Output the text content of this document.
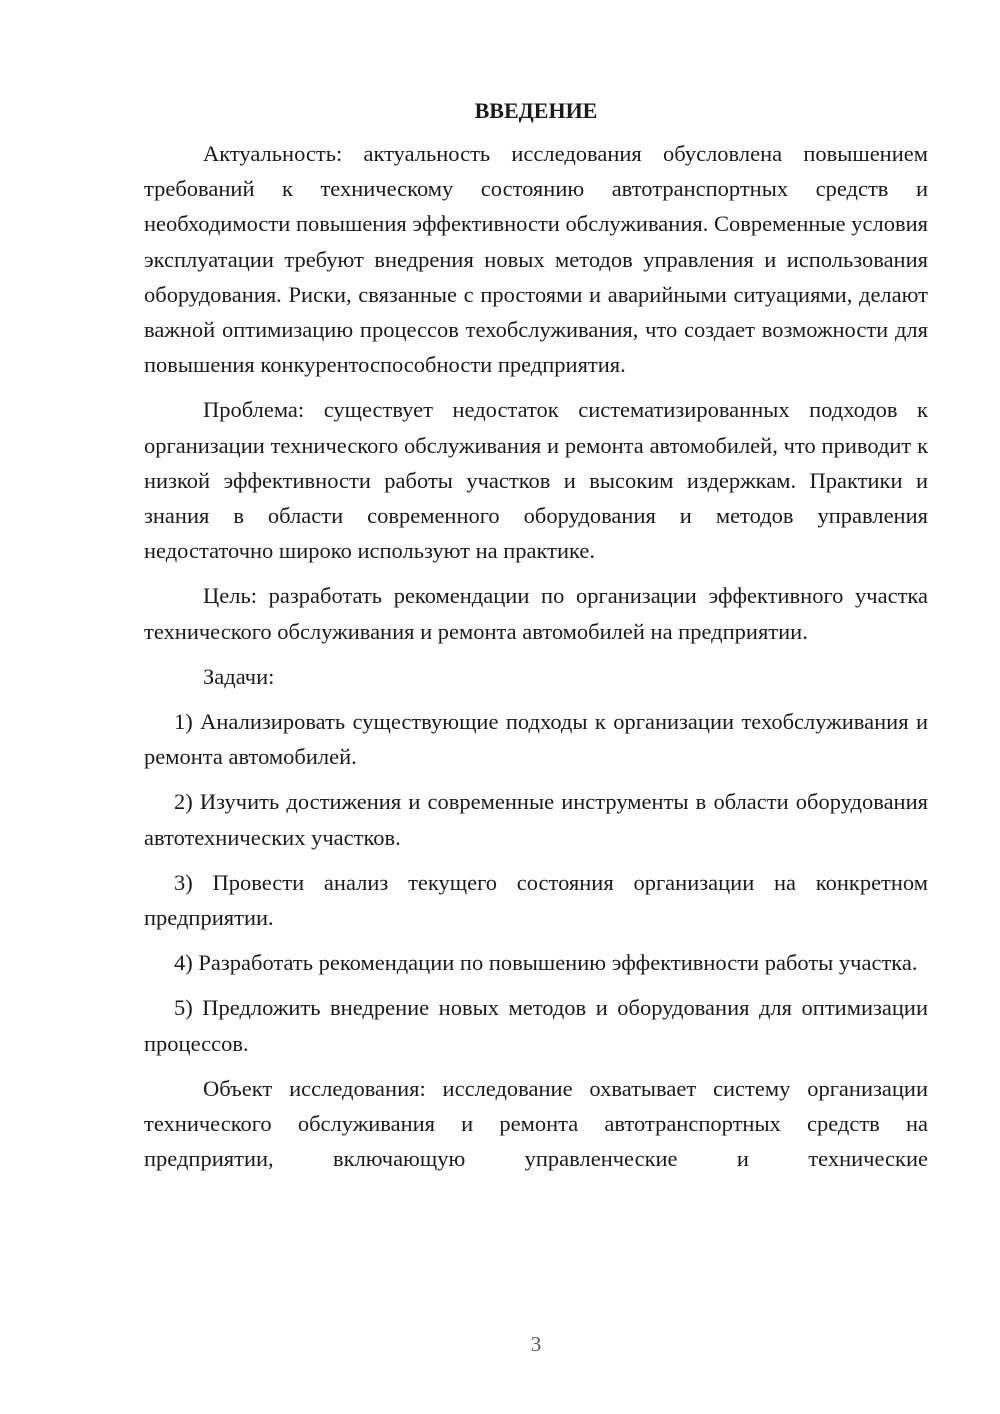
ВВЕДЕНИЕ

Актуальность: актуальность исследования обусловлена повышением требований к техническому состоянию автотранспортных средств и необходимости повышения эффективности обслуживания. Современные условия эксплуатации требуют внедрения новых методов управления и использования оборудования. Риски, связанные с простоями и аварийными ситуациями, делают важной оптимизацию процессов техобслуживания, что создает возможности для повышения конкурентоспособности предприятия.

Проблема: существует недостаток систематизированных подходов к организации технического обслуживания и ремонта автомобилей, что приводит к низкой эффективности работы участков и высоким издержкам. Практики и знания в области современного оборудования и методов управления недостаточно широко используют на практике.

Цель: разработать рекомендации по организации эффективного участка технического обслуживания и ремонта автомобилей на предприятии.

Задачи:

1) Анализировать существующие подходы к организации техобслуживания и ремонта автомобилей.

2) Изучить достижения и современные инструменты в области оборудования автотехнических участков.

3) Провести анализ текущего состояния организации на конкретном предприятии.

4) Разработать рекомендации по повышению эффективности работы участка.

5) Предложить внедрение новых методов и оборудования для оптимизации процессов.

Объект исследования: исследование охватывает систему организации технического обслуживания и ремонта автотранспортных средств на предприятии, включающую управленческие и технические

3
